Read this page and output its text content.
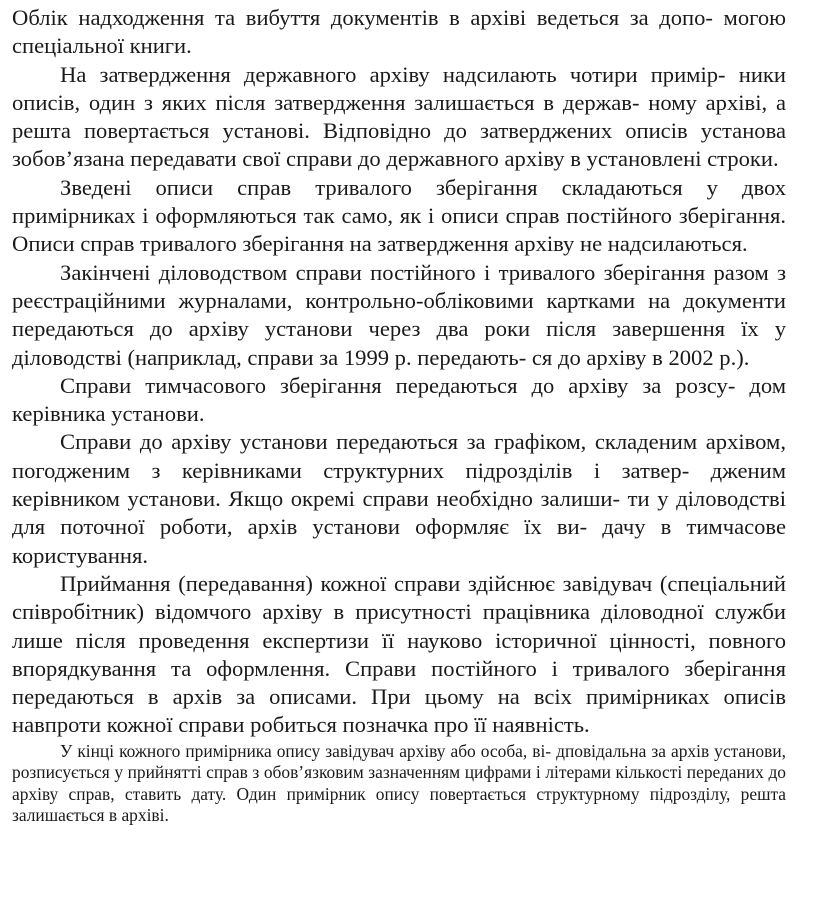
Облік надходження та вибуття документів в архіві ведеться за допо- могою спеціальної книги.

На затвердження державного архіву надсилають чотири примір- ники описів, один з яких після затвердження залишається в держав- ному архіві, а решта повертається установі. Відповідно до затверджених описів установа зобов’язана передавати свої справи до державного архіву в установлені строки.

Зведені описи справ тривалого зберігання складаються у двох примірниках і оформляються так само, як і описи справ постійного зберігання. Описи справ тривалого зберігання на затвердження архіву не надсилаються.

Закінчені діловодством справи постійного і тривалого зберігання разом з реєстраційними журналами, контрольно-обліковими картками на документи передаються до архіву установи через два роки після завершення їх у діловодстві (наприклад, справи за 1999 р. передають- ся до архіву в 2002 р.).

Справи тимчасового зберігання передаються до архіву за розсу- дом керівника установи.

Справи до архіву установи передаються за графіком, складеним архівом, погодженим з керівниками структурних підрозділів і затвер- дженим керівником установи. Якщо окремі справи необхідно залиши- ти у діловодстві для поточної роботи, архів установи оформляє їх ви- дачу в тимчасове користування.

Приймання (передавання) кожної справи здійснює завідувач (спеціальний співробітник) відомчого архіву в присутності працівника діловодної служби лише після проведення експертизи її науково історичної цінності, повного впорядкування та оформлення. Справи постійного і тривалого зберігання передаються в архів за описами. При цьому на всіх примірниках описів навпроти кожної справи робиться позначка про її наявність.

У кінці кожного примірника опису завідувач архіву або особа, ві- дповідальна за архів установи, розписується у прийнятті справ з обов’язковим зазначенням цифрами і літерами кількості переданих до архіву справ, ставить дату. Один примірник опису повертається структурному підрозділу, решта залишається в архіві.
